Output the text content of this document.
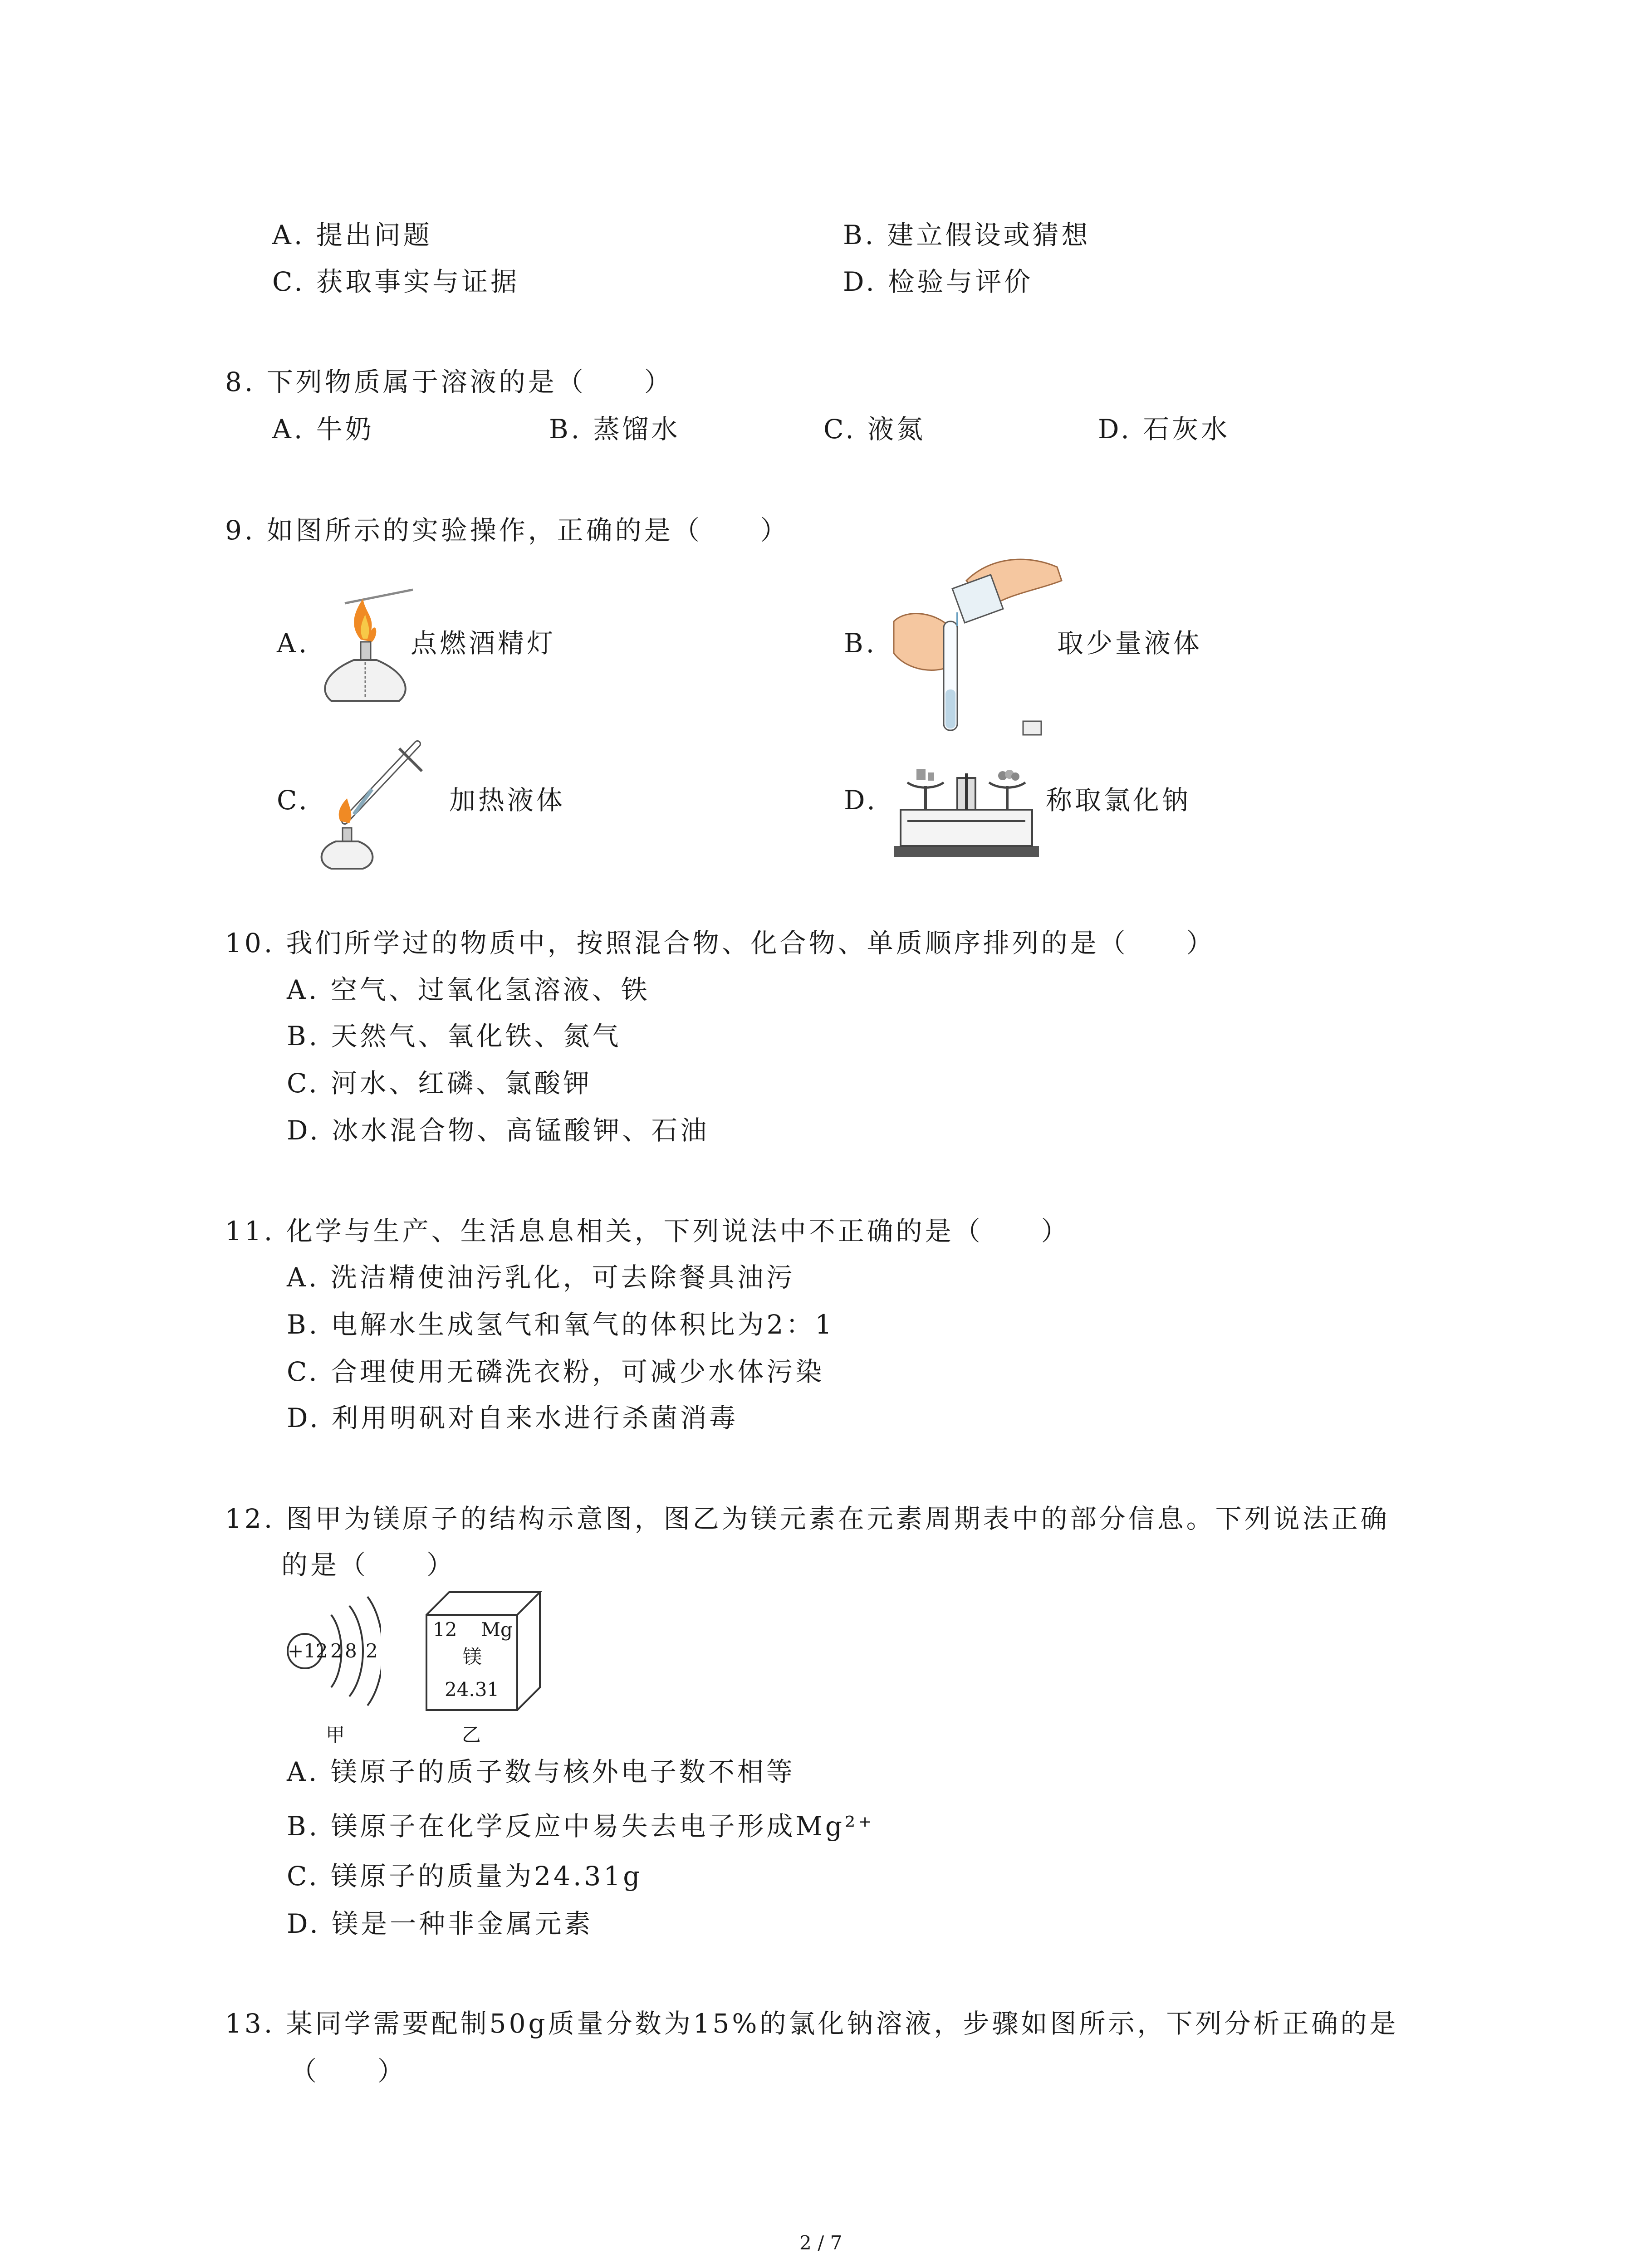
A. 提出问题	B. 建立假设或猜想
C. 获取事实与证据	D. 检验与评价
8. 下列物质属于溶液的是（　　）
A. 牛奶	B. 蒸馏水	C. 液氮	D. 石灰水
9. 如图所示的实验操作，正确的是（　　）
A.	点燃酒精灯	B.	取少量液体
C.	加热液体	D.	称取氯化钠
10. 我们所学过的物质中，按照混合物、化合物、单质顺序排列的是（　　）
A. 空气、过氧化氢溶液、铁
B. 天然气、氧化铁、氮气
C. 河水、红磷、氯酸钾
D. 冰水混合物、高锰酸钾、石油
11. 化学与生产、生活息息相关，下列说法中不正确的是（　　）
A. 洗洁精使油污乳化，可去除餐具油污
B. 电解水生成氢气和氧气的体积比为2：1
C. 合理使用无磷洗衣粉，可减少水体污染
D. 利用明矾对自来水进行杀菌消毒
12. 图甲为镁原子的结构示意图，图乙为镁元素在元素周期表中的部分信息。下列说法正确
的是（　　）
+12 2 8 2
甲
12 Mg
镁
24.31
乙
A. 镁原子的质子数与核外电子数不相等
B. 镁原子在化学反应中易失去电子形成Mg²⁺
C. 镁原子的质量为24.31g
D. 镁是一种非金属元素
13. 某同学需要配制50g质量分数为15%的氯化钠溶液，步骤如图所示，下列分析正确的是
（　　）
2 / 7
